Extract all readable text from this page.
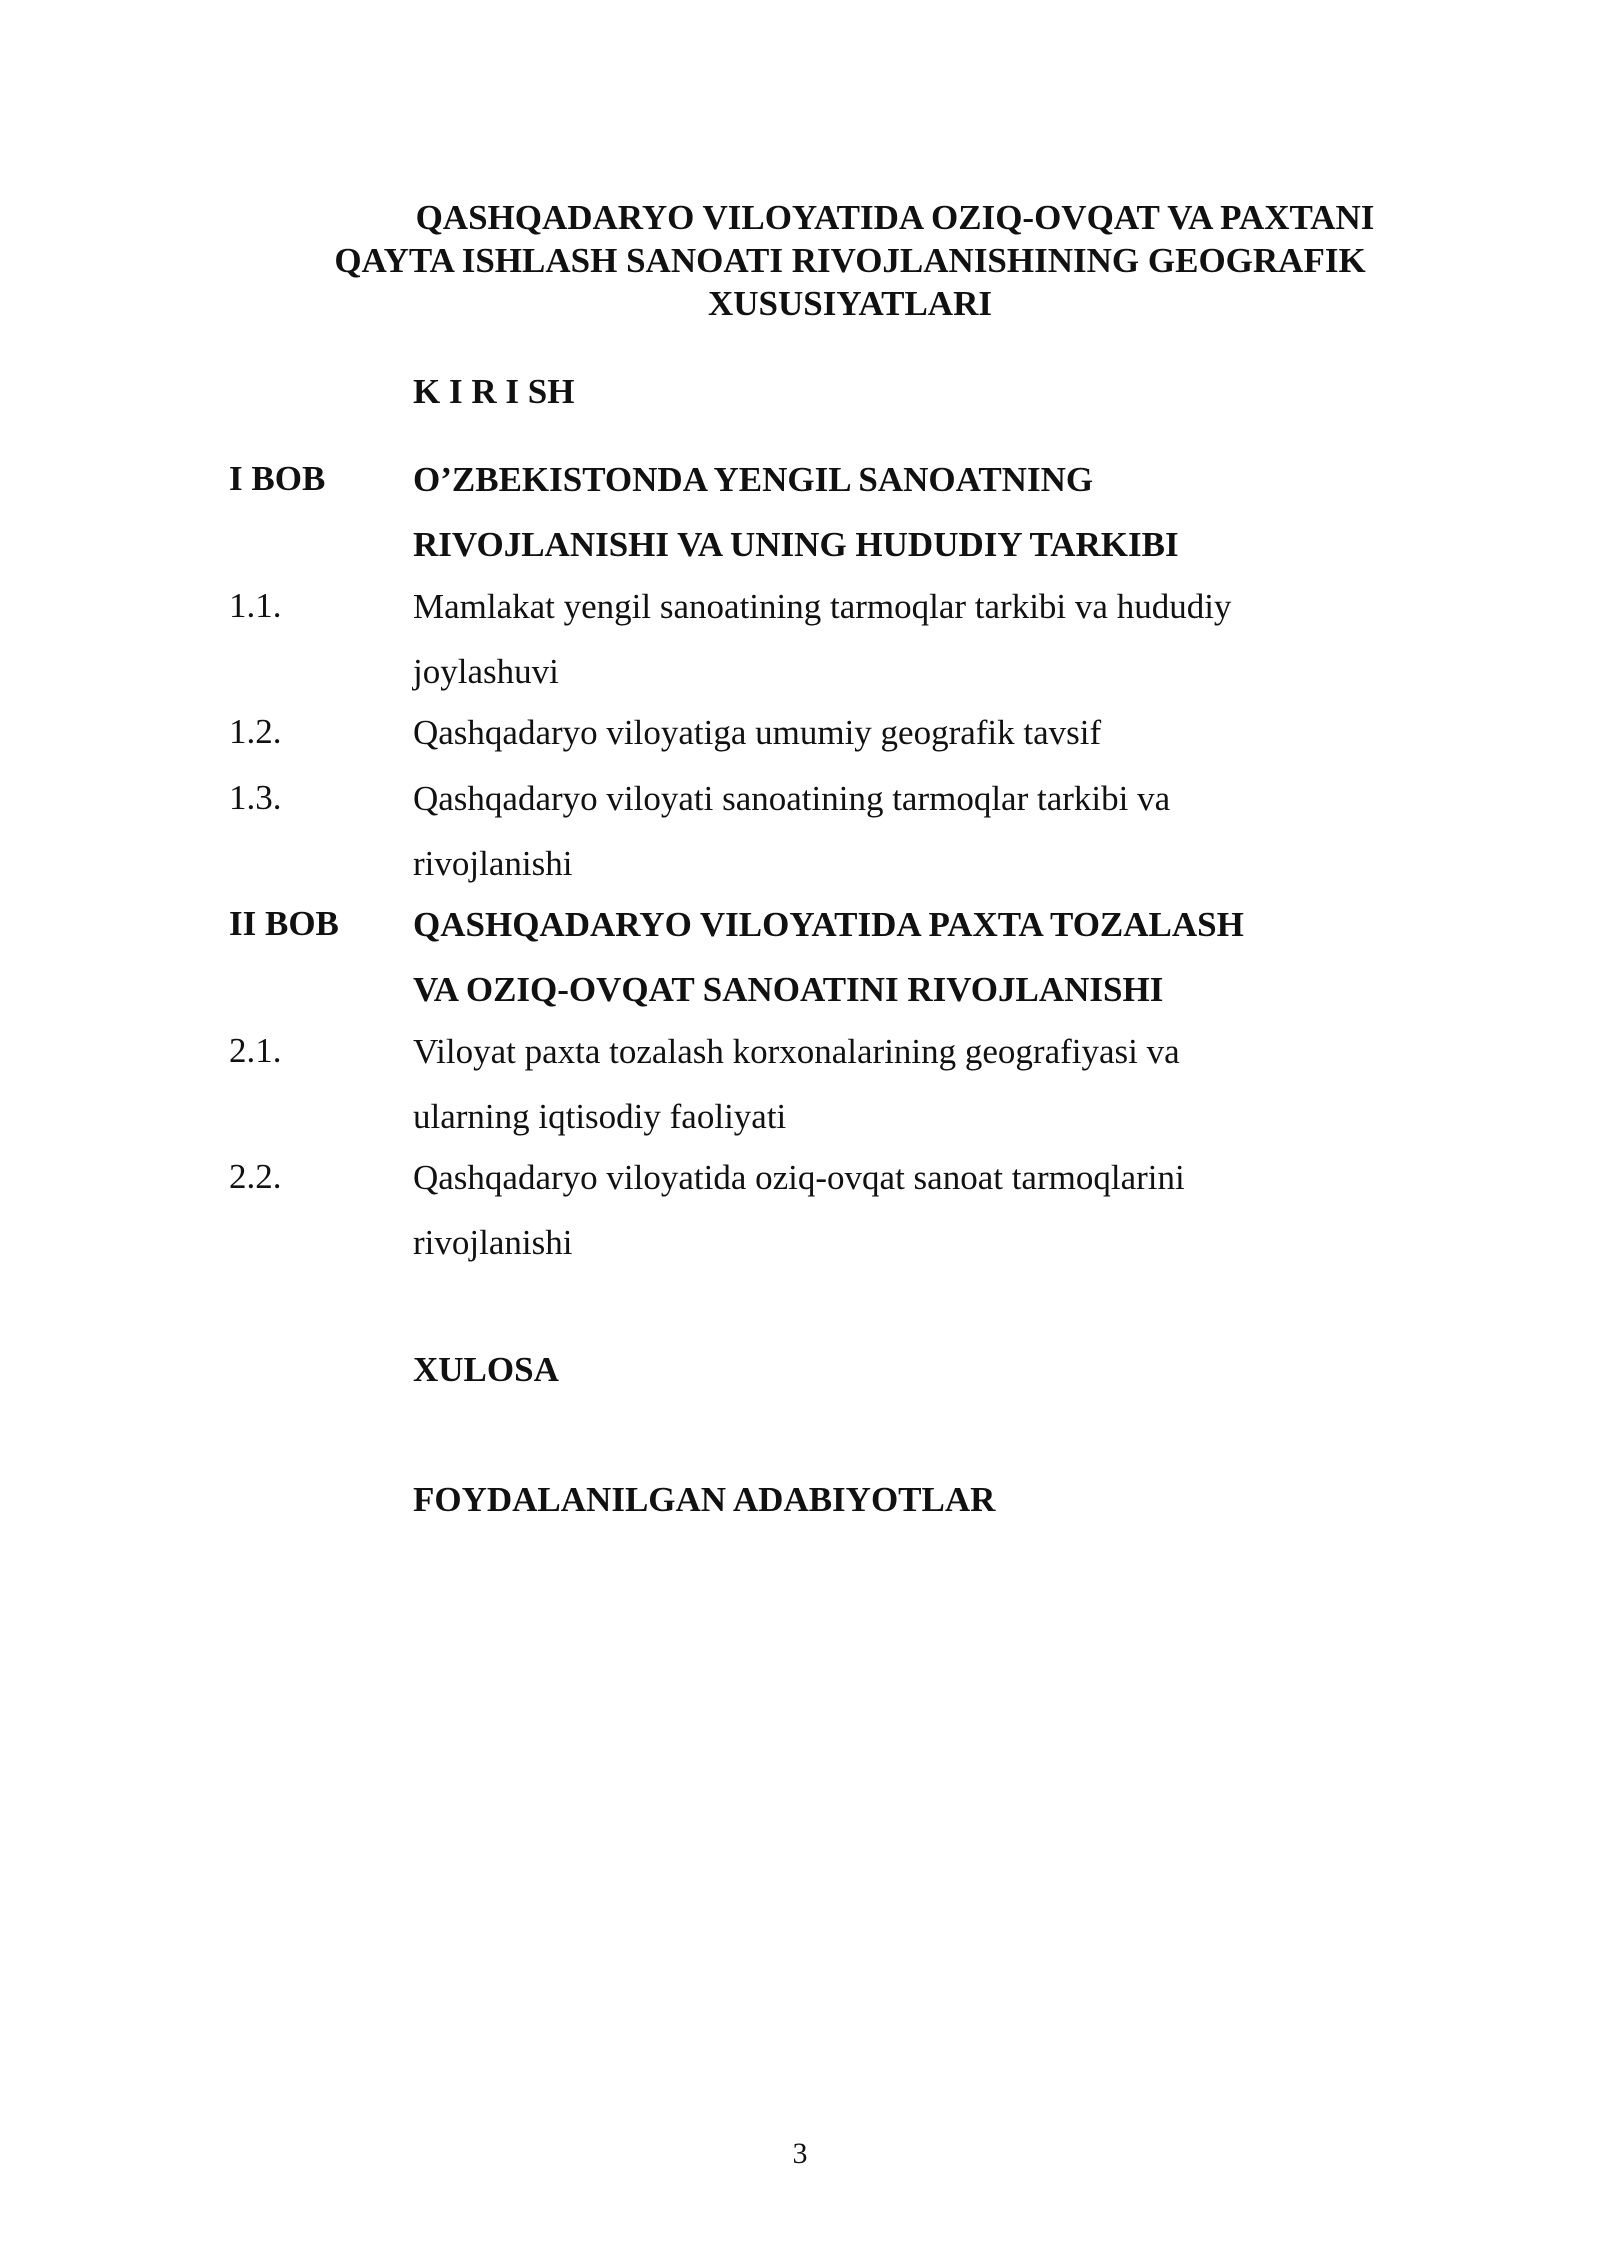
QASHQADARYO VILOYATIDA OZIQ-OVQAT VA PAXTANI
QAYTA ISHLASH SANOATI RIVOJLANISHINING GEOGRAFIK
XUSUSIYATLARI
K I R I SH
I BOB	O’ZBEKISTONDA YENGIL SANOATNING
RIVOJLANISHI VA UNING HUDUDIY TARKIBI
1.1.	Mamlakat yengil sanoatining tarmoqlar tarkibi va hududiy
joylashuvi
1.2.	Qashqadaryo viloyatiga umumiy geografik tavsif
1.3.	Qashqadaryo viloyati sanoatining tarmoqlar tarkibi va
rivojlanishi
II BOB QASHQADARYO VILOYATIDA PAXTA TOZALASH
VA OZIQ-OVQAT SANOATINI RIVOJLANISHI
2.1.	Viloyat paxta tozalash korxonalarining geografiyasi va
ularning iqtisodiy faoliyati
2.2.	Qashqadaryo viloyatida oziq-ovqat sanoat tarmoqlarini
rivojlanishi
XULOSA
FOYDALANILGAN ADABIYOTLAR
3
